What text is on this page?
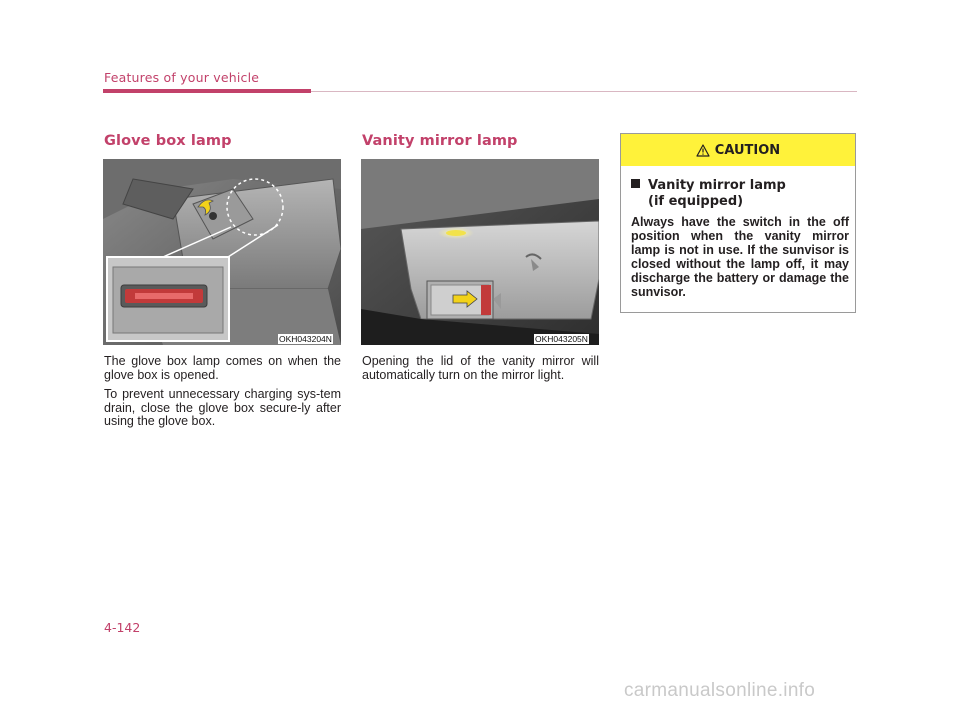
Features of your vehicle
Glove box lamp
OKH043204N

The glove box lamp comes on when the glove box is opened.

To prevent unnecessary charging sys-tem drain, close the glove box secure-ly after using the glove box.

Vanity mirror lamp
OKH043205N

Opening the lid of the vanity mirror will automatically turn on the mirror light.

CAUTION
Vanity mirror lamp
(if equipped)

Always have the switch in the off position when the vanity mirror lamp is not in use. If the sunvisor is closed without the lamp off, it may discharge the battery or damage the sunvisor.

4-142
carmanualsonline.info
